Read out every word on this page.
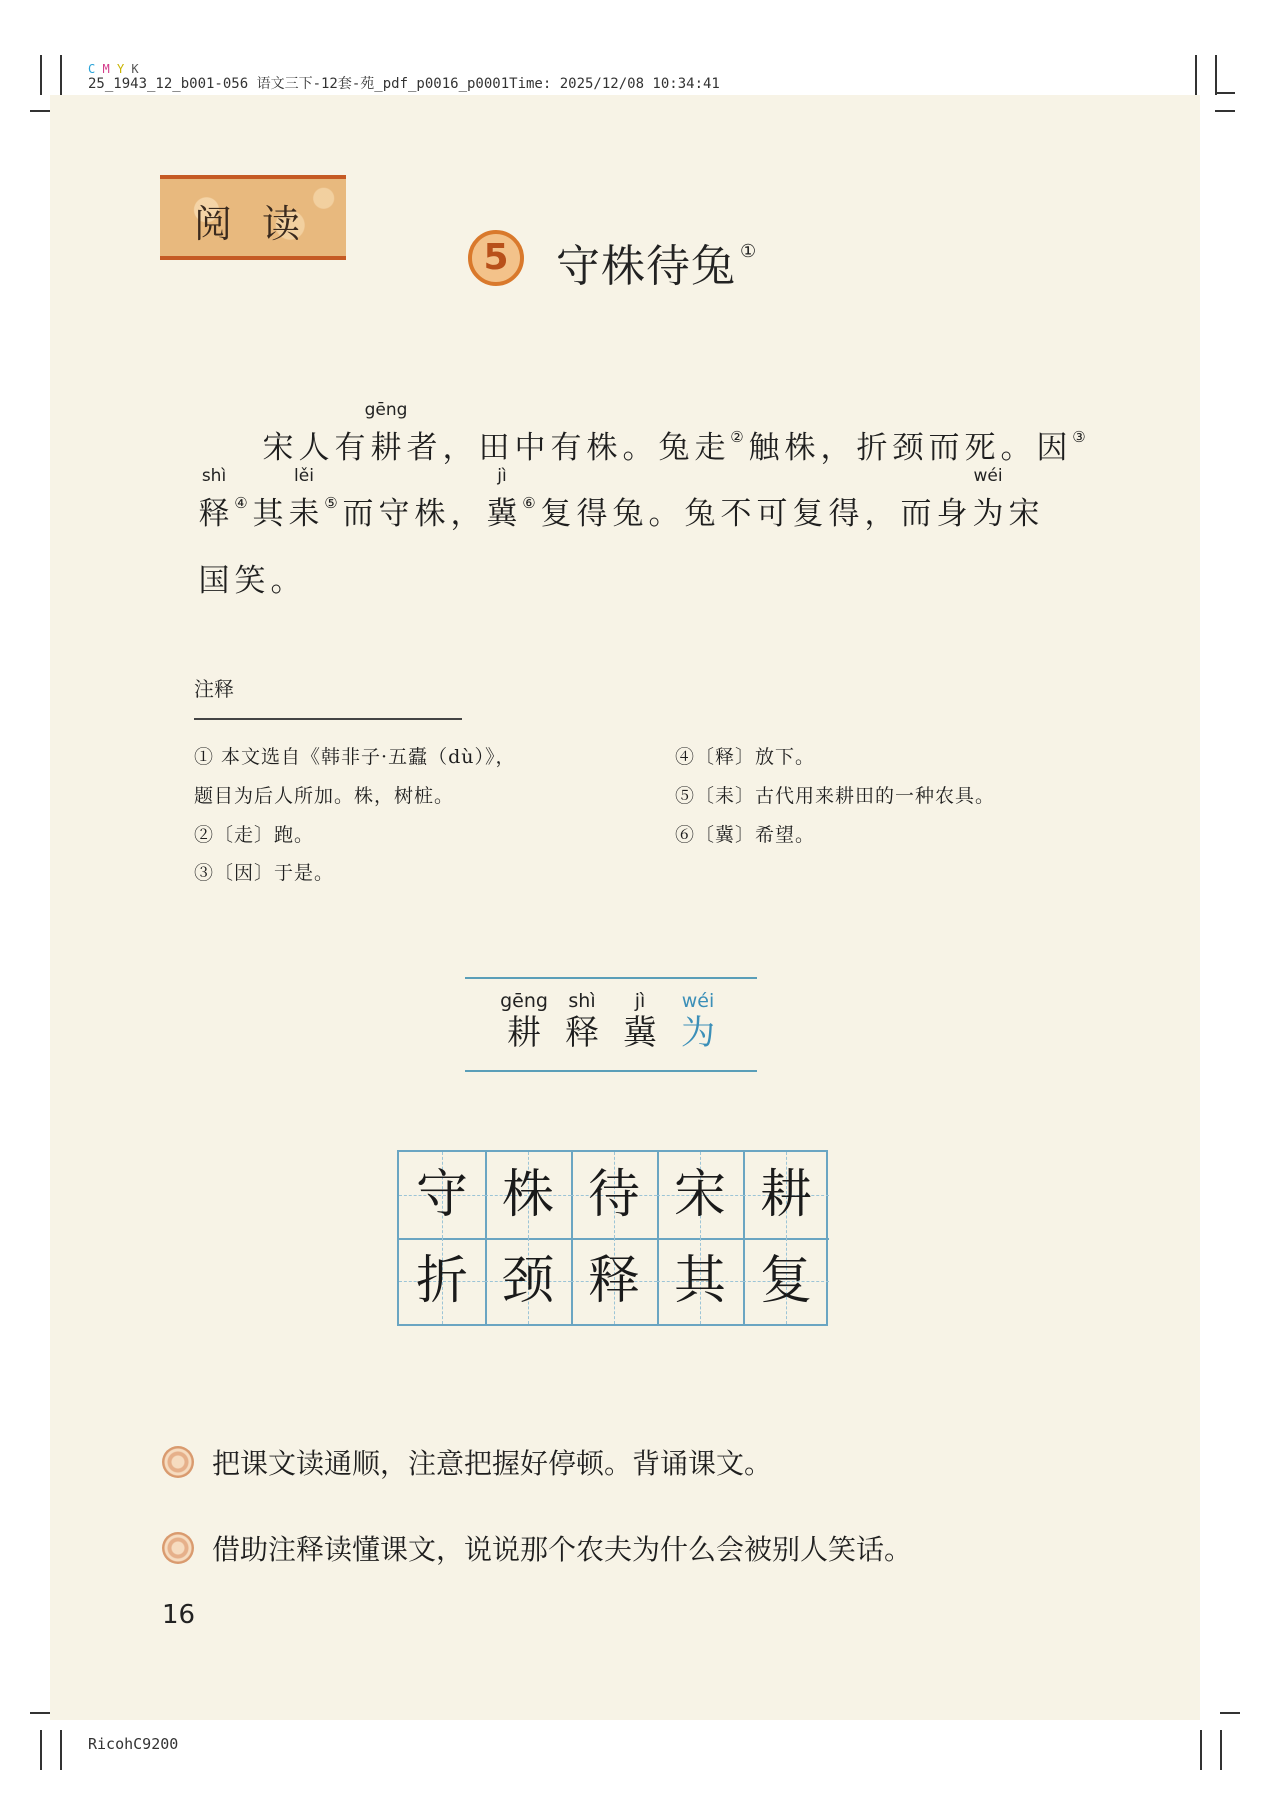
C M Y K
25_1943_12_b001-056 语文三下-12套-苑_pdf_p0016_p0001Time: 2025/12/08 10:34:41
RicohC9200
阅读
5	守株待兔 ①
宋 人 有 耕
gēng
者 ， 田 中 有 株 。 兔 走 ② 触 株 ， 折 颈 而 死 。 因 ③
释
shì
④ 其 耒
lěi
⑤ 而 守 株 ， 冀
jì
⑥ 复 得 兔 。 兔 不 可 复 得 ， 而 身 为
wéi
宋
国 笑 。
注释
① 本文选自《韩非子·五蠹（dù）》，
题目为后人所加。株，树桩。
②〔走〕跑。
③〔因〕于是。
④〔释〕放下。
⑤〔耒〕古代用来耕田的一种农具。
⑥〔冀〕希望。
gēng
耕
shì
释
jì
冀
wéi
为
守 株 待 宋 耕
折 颈 释 其 复
把课文读通顺，注意把握好停顿。背诵课文。
借助注释读懂课文，说说那个农夫为什么会被别人笑话。
16
